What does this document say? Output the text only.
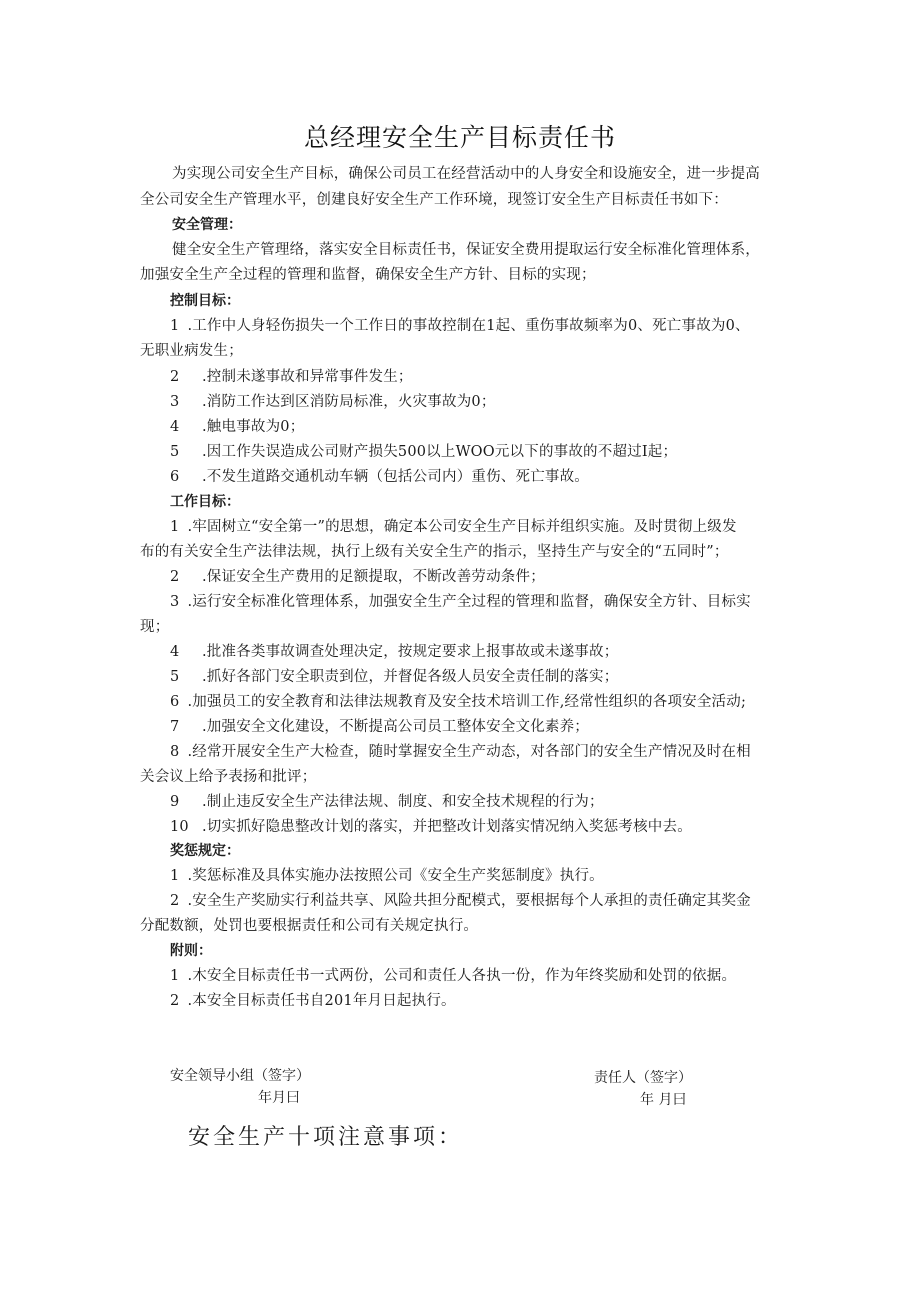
总经理安全生产目标责任书
为实现公司安全生产目标，确保公司员工在经营活动中的人身安全和设施安全，进一步提高
全公司安全生产管理水平，创建良好安全生产工作环境，现签订安全生产目标责任书如下：
安全管理：
健全安全生产管理络，落实安全目标责任书，保证安全费用提取运行安全标准化管理体系，
加强安全生产全过程的管理和监督，确保安全生产方针、目标的实现；
控制目标：
1 .工作中人身轻伤损失一个工作日的事故控制在1起、重伤事故频率为0、死亡事故为0、
无职业病发生；
2 .控制未遂事故和异常事件发生；
3 .消防工作达到区消防局标准，火灾事故为0；
4 .触电事故为0；
5 .因工作失误造成公司财产损失500以上WOO元以下的事故的不超过I起；
6 .不发生道路交通机动车辆（包括公司内）重伤、死亡事故。
工作目标：
1 .牢固树立“安全第一”的思想，确定本公司安全生产目标并组织实施。及时贯彻上级发
布的有关安全生产法律法规，执行上级有关安全生产的指示，坚持生产与安全的“五同时”；
2 .保证安全生产费用的足额提取，不断改善劳动条件；
3 .运行安全标准化管理体系，加强安全生产全过程的管理和监督，确保安全方针、目标实
现；
4 .批准各类事故调查处理决定，按规定要求上报事故或未遂事故；
5 .抓好各部门安全职责到位，并督促各级人员安全责任制的落实；
6 .加强员工的安全教育和法律法规教育及安全技术培训工作,经常性组织的各项安全活动;
7 .加强安全文化建设，不断提高公司员工整体安全文化素养；
8 .经常开展安全生产大检查，随时掌握安全生产动态，对各部门的安全生产情况及时在相
关会议上给予表扬和批评；
9 .制止违反安全生产法律法规、制度、和安全技术规程的行为；
10 .切实抓好隐患整改计划的落实，并把整改计划落实情况纳入奖惩考核中去。
奖惩规定：
1 .奖惩标准及具体实施办法按照公司《安全生产奖惩制度》执行。
2 .安全生产奖励实行利益共享、风险共担分配模式，要根据每个人承担的责任确定其奖金
分配数额，处罚也要根据责任和公司有关规定执行。
附则：
1 .木安全目标责任书一式两份，公司和责任人各执一份，作为年终奖励和处罚的依据。
2 .本安全目标责任书自201年月日起执行。
安全领导小组（签字）
年月曰
责任人（签字）
年 月曰
安全生产十项注意事项：
